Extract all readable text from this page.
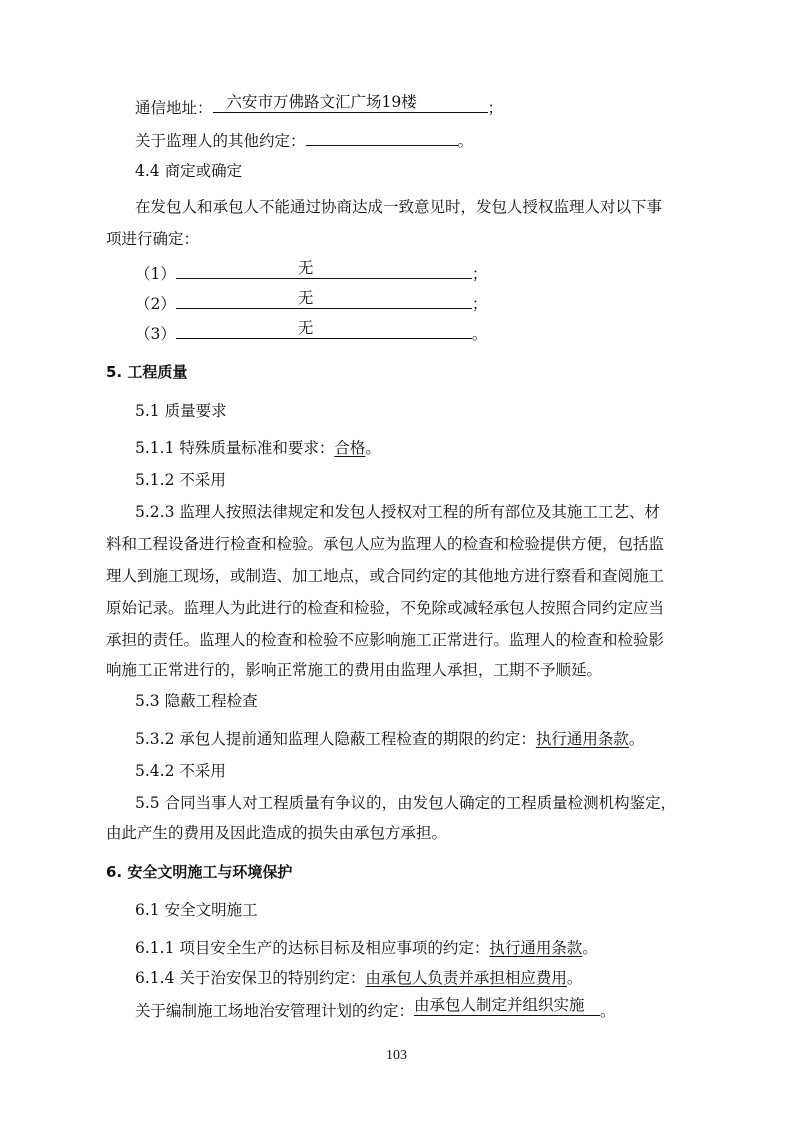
通信地址： 六安市万佛路文汇广场19楼	；
关于监理人的其他约定：	。
4.4 商定或确定
在发包人和承包人不能通过协商达成一致意见时，发包人授权监理人对以下事
项进行确定：
（1）	无	；
（2）	无	；
（3）	无	。
5. 工程质量
5.1 质量要求
5.1.1 特殊质量标准和要求：合格。
5.1.2 不采用
5.2.3 监理人按照法律规定和发包人授权对工程的所有部位及其施工工艺、材
料和工程设备进行检查和检验。承包人应为监理人的检查和检验提供方便，包括监
理人到施工现场，或制造、加工地点，或合同约定的其他地方进行察看和查阅施工
原始记录。监理人为此进行的检查和检验，不免除或减轻承包人按照合同约定应当
承担的责任。监理人的检查和检验不应影响施工正常进行。监理人的检查和检验影
响施工正常进行的，影响正常施工的费用由监理人承担，工期不予顺延。
5.3 隐蔽工程检查
5.3.2 承包人提前通知监理人隐蔽工程检查的期限的约定：执行通用条款。
5.4.2 不采用
5.5 合同当事人对工程质量有争议的，由发包人确定的工程质量检测机构鉴定，
由此产生的费用及因此造成的损失由承包方承担。
6. 安全文明施工与环境保护
6.1 安全文明施工
6.1.1 项目安全生产的达标目标及相应事项的约定：执行通用条款。
6.1.4 关于治安保卫的特别约定：由承包人负责并承担相应费用。
关于编制施工场地治安管理计划的约定： 由承包人制定并组织实施 。
103
